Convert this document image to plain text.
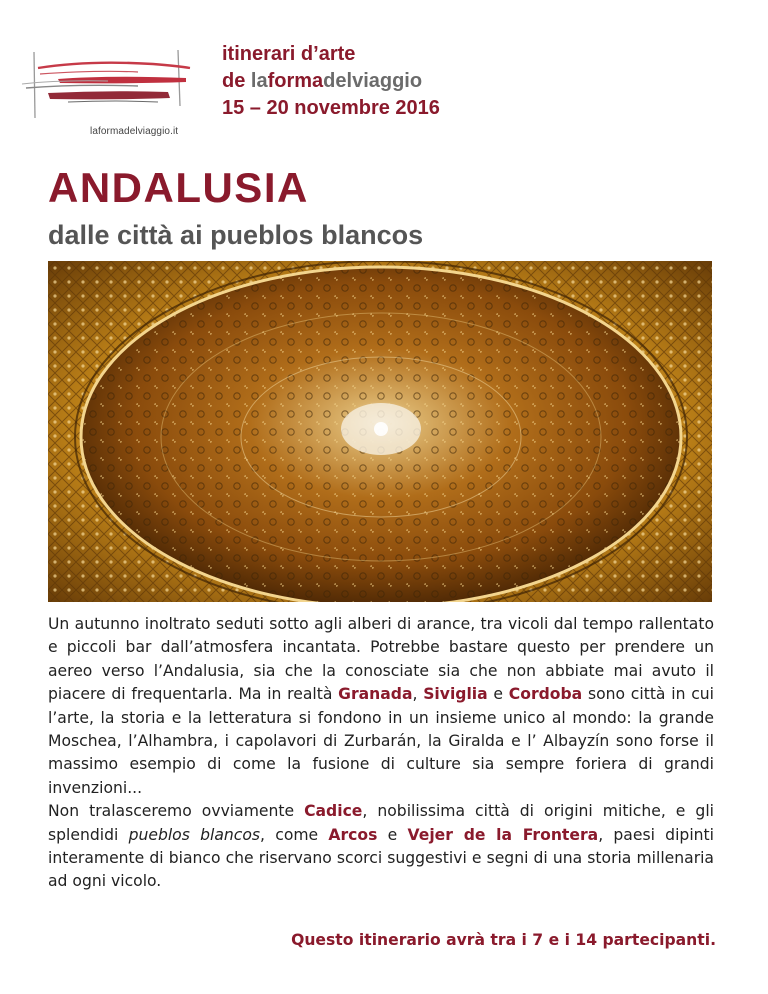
laformadelviaggio.it
itinerari d’arte
de laformadelviaggio
15 – 20 novembre 2016
ANDALUSIA
dalle città ai pueblos blancos

Un autunno inoltrato seduti sotto agli alberi di arance, tra vicoli dal tempo rallentato e piccoli bar dall’atmosfera incantata. Potrebbe bastare questo per prendere un aereo verso l’Andalusia, sia che la conosciate sia che non abbiate mai avuto il piacere di frequentarla. Ma in realtà Granada, Siviglia e Cordoba sono città in cui l’arte, la storia e la letteratura si fondono in un insieme unico al mondo: la grande Moschea, l’Alhambra, i capolavori di Zurbarán, la Giralda e l’ Albayzín sono forse il massimo esempio di come la fusione di culture sia sempre foriera di grandi invenzioni...
Non tralasceremo ovviamente Cadice, nobilissima città di origini mitiche, e gli splendidi pueblos blancos, come Arcos e Vejer de la Frontera, paesi dipinti interamente di bianco che riservano scorci suggestivi e segni di una storia millenaria ad ogni vicolo.

Questo itinerario avrà tra i 7 e i 14 partecipanti.
